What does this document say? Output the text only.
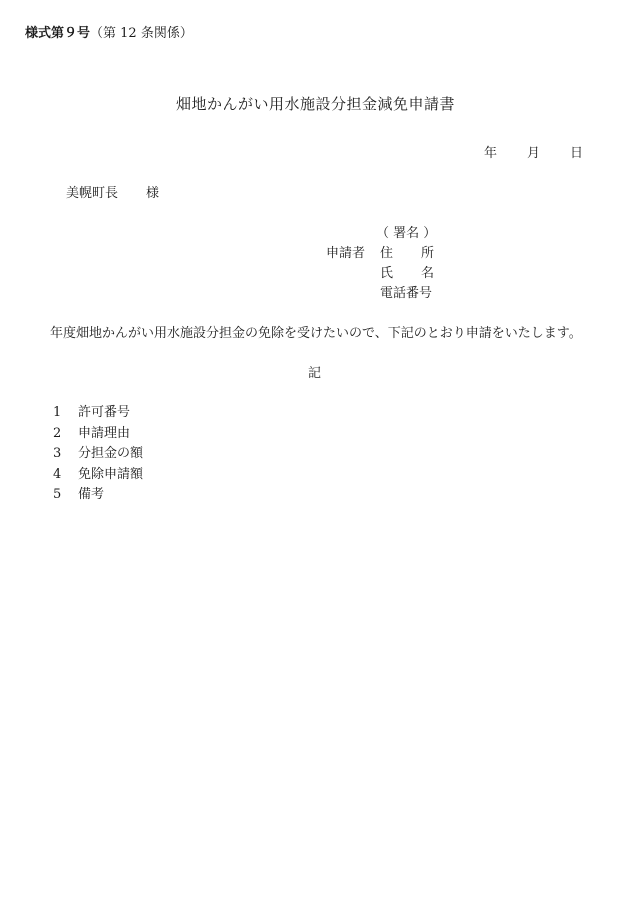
様式第９号（第 12 条関係）
畑地かんがい用水施設分担金減免申請書
年 月 日
美幌町長 様
（ 署名 ）
申請者 住 所
氏 名
電話番号
年度畑地かんがい用水施設分担金の免除を受けたいので、下記のとおり申請をいたします。
記
1 許可番号
2 申請理由
3 分担金の額
4 免除申請額
5 備考
